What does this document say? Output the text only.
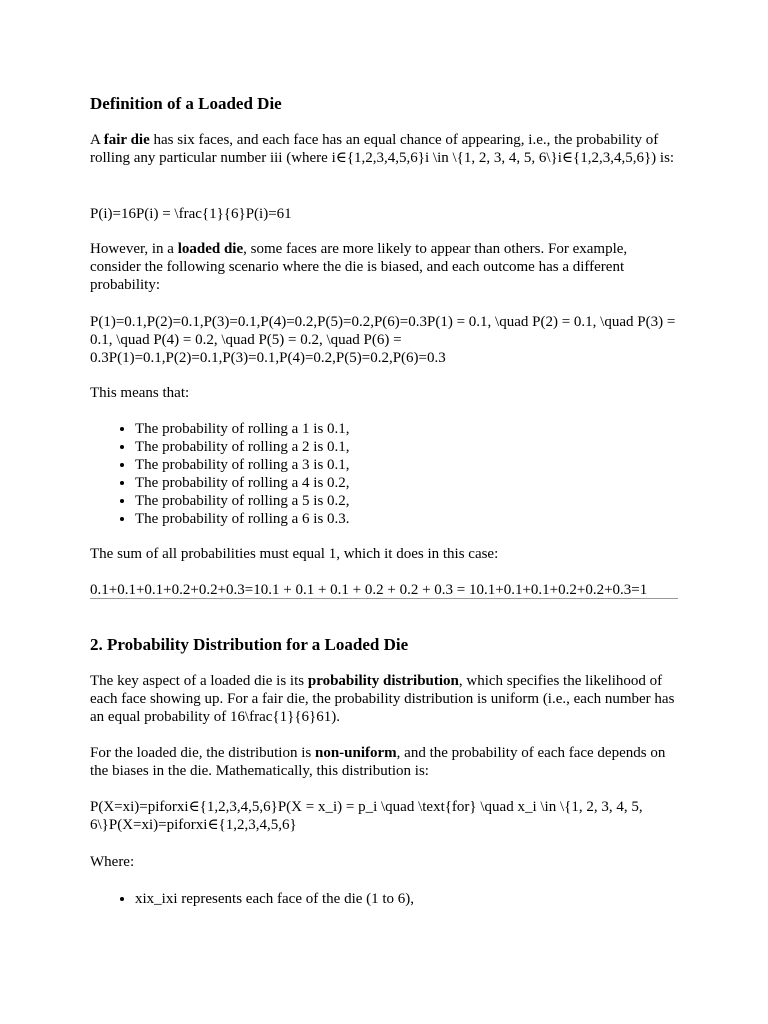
Definition of a Loaded Die

A fair die has six faces, and each face has an equal chance of appearing, i.e., the probability of rolling any particular number iii (where i∈{1,2,3,4,5,6}i \in \{1, 2, 3, 4, 5, 6\}i∈{1,2,3,4,5,6}) is:

P(i)=16P(i) = \frac{1}{6}P(i)=61

However, in a loaded die, some faces are more likely to appear than others. For example, consider the following scenario where the die is biased, and each outcome has a different probability:

P(1)=0.1,P(2)=0.1,P(3)=0.1,P(4)=0.2,P(5)=0.2,P(6)=0.3P(1) = 0.1, \quad P(2) = 0.1, \quad P(3) = 0.1, \quad P(4) = 0.2, \quad P(5) = 0.2, \quad P(6) = 0.3P(1)=0.1,P(2)=0.1,P(3)=0.1,P(4)=0.2,P(5)=0.2,P(6)=0.3

This means that:

• The probability of rolling a 1 is 0.1,
• The probability of rolling a 2 is 0.1,
• The probability of rolling a 3 is 0.1,
• The probability of rolling a 4 is 0.2,
• The probability of rolling a 5 is 0.2,
• The probability of rolling a 6 is 0.3.

The sum of all probabilities must equal 1, which it does in this case:

0.1+0.1+0.1+0.2+0.2+0.3=10.1 + 0.1 + 0.1 + 0.2 + 0.2 + 0.3 = 10.1+0.1+0.1+0.2+0.2+0.3=1

2. Probability Distribution for a Loaded Die

The key aspect of a loaded die is its probability distribution, which specifies the likelihood of each face showing up. For a fair die, the probability distribution is uniform (i.e., each number has an equal probability of 16\frac{1}{6}61).

For the loaded die, the distribution is non-uniform, and the probability of each face depends on the biases in the die. Mathematically, this distribution is:

P(X=xi)=piforxi∈{1,2,3,4,5,6}P(X = x_i) = p_i \quad \text{for} \quad x_i \in \{1, 2, 3, 4, 5, 6\}P(X=xi)=piforxi∈{1,2,3,4,5,6}

Where:

• xix_ixi represents each face of the die (1 to 6),
